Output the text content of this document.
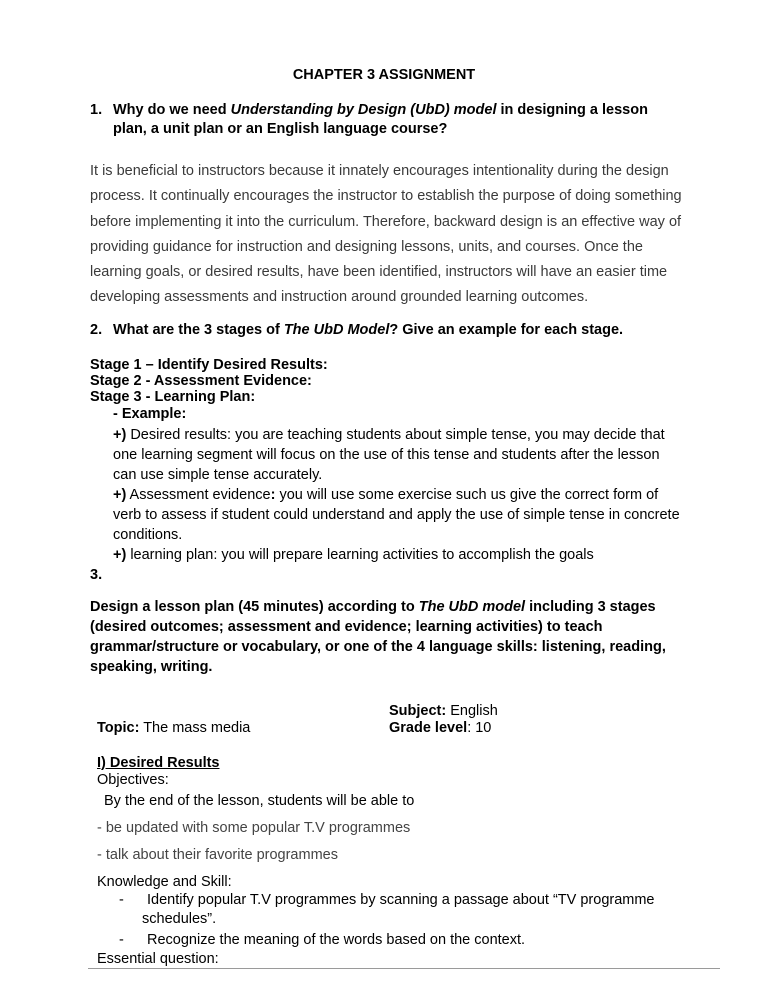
CHAPTER 3 ASSIGNMENT
1. Why do we need Understanding by Design (UbD) model in designing a lesson
plan, a unit plan or an English language course?
It is beneficial to instructors because it innately encourages intentionality during the design
process. It continually encourages the instructor to establish the purpose of doing something
before implementing it into the curriculum. Therefore, backward design is an effective way of
providing guidance for instruction and designing lessons, units, and courses. Once the
learning goals, or desired results, have been identified, instructors will have an easier time
developing assessments and instruction around grounded learning outcomes.
2. What are the 3 stages of The UbD Model? Give an example for each stage.
Stage 1 – Identify Desired Results:
Stage 2 - Assessment Evidence:
Stage 3 - Learning Plan:
- Example:
+) Desired results: you are teaching students about simple tense, you may decide that
one learning segment will focus on the use of this tense and students after the lesson
can use simple tense accurately.
+) Assessment evidence: you will use some exercise such us give the correct form of
verb to assess if student could understand and apply the use of simple tense in concrete
conditions.
+) learning plan: you will prepare learning activities to accomplish the goals
3.
Design a lesson plan (45 minutes) according to The UbD model including 3 stages
(desired outcomes; assessment and evidence; learning activities) to teach
grammar/structure or vocabulary, or one of the 4 language skills: listening, reading,
speaking, writing.
Subject: English
Grade level: 10
Topic: The mass media
I) Desired Results
Objectives:
By the end of the lesson, students will be able to
- be updated with some popular T.V programmes
- talk about their favorite programmes
Knowledge and Skill:
- Identify popular T.V programmes by scanning a passage about “TV programme
schedules”.
- Recognize the meaning of the words based on the context.
Essential question:
